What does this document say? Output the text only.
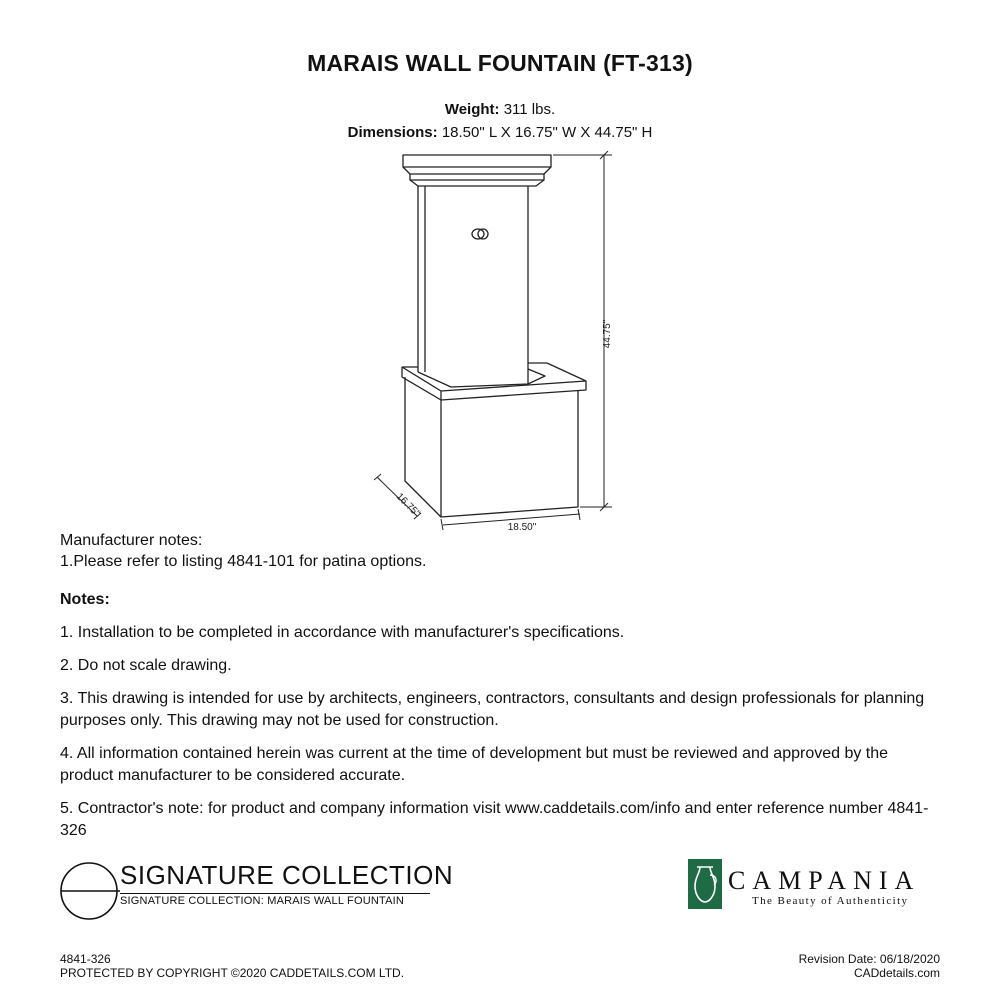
MARAIS WALL FOUNTAIN (FT-313)
Weight: 311 lbs.
Dimensions: 18.50" L X 16.75" W X 44.75" H
44.75"
18.50"
16.75"
Manufacturer notes:
1.Please refer to listing 4841-101 for patina options.
Notes:
1. Installation to be completed in accordance with manufacturer's specifications.
2. Do not scale drawing.
3. This drawing is intended for use by architects, engineers, contractors, consultants and design professionals for planning purposes only. This drawing may not be used for construction.
4. All information contained herein was current at the time of development but must be reviewed and approved by the product manufacturer to be considered accurate.
5. Contractor's note: for product and company information visit www.caddetails.com/info and enter reference number 4841-326
SIGNATURE COLLECTION
SIGNATURE COLLECTION: MARAIS WALL FOUNTAIN
CAMPANIA
The Beauty of Authenticity
4841-326
PROTECTED BY COPYRIGHT ©2020 CADDETAILS.COM LTD.
Revision Date: 06/18/2020
CADdetails.com
